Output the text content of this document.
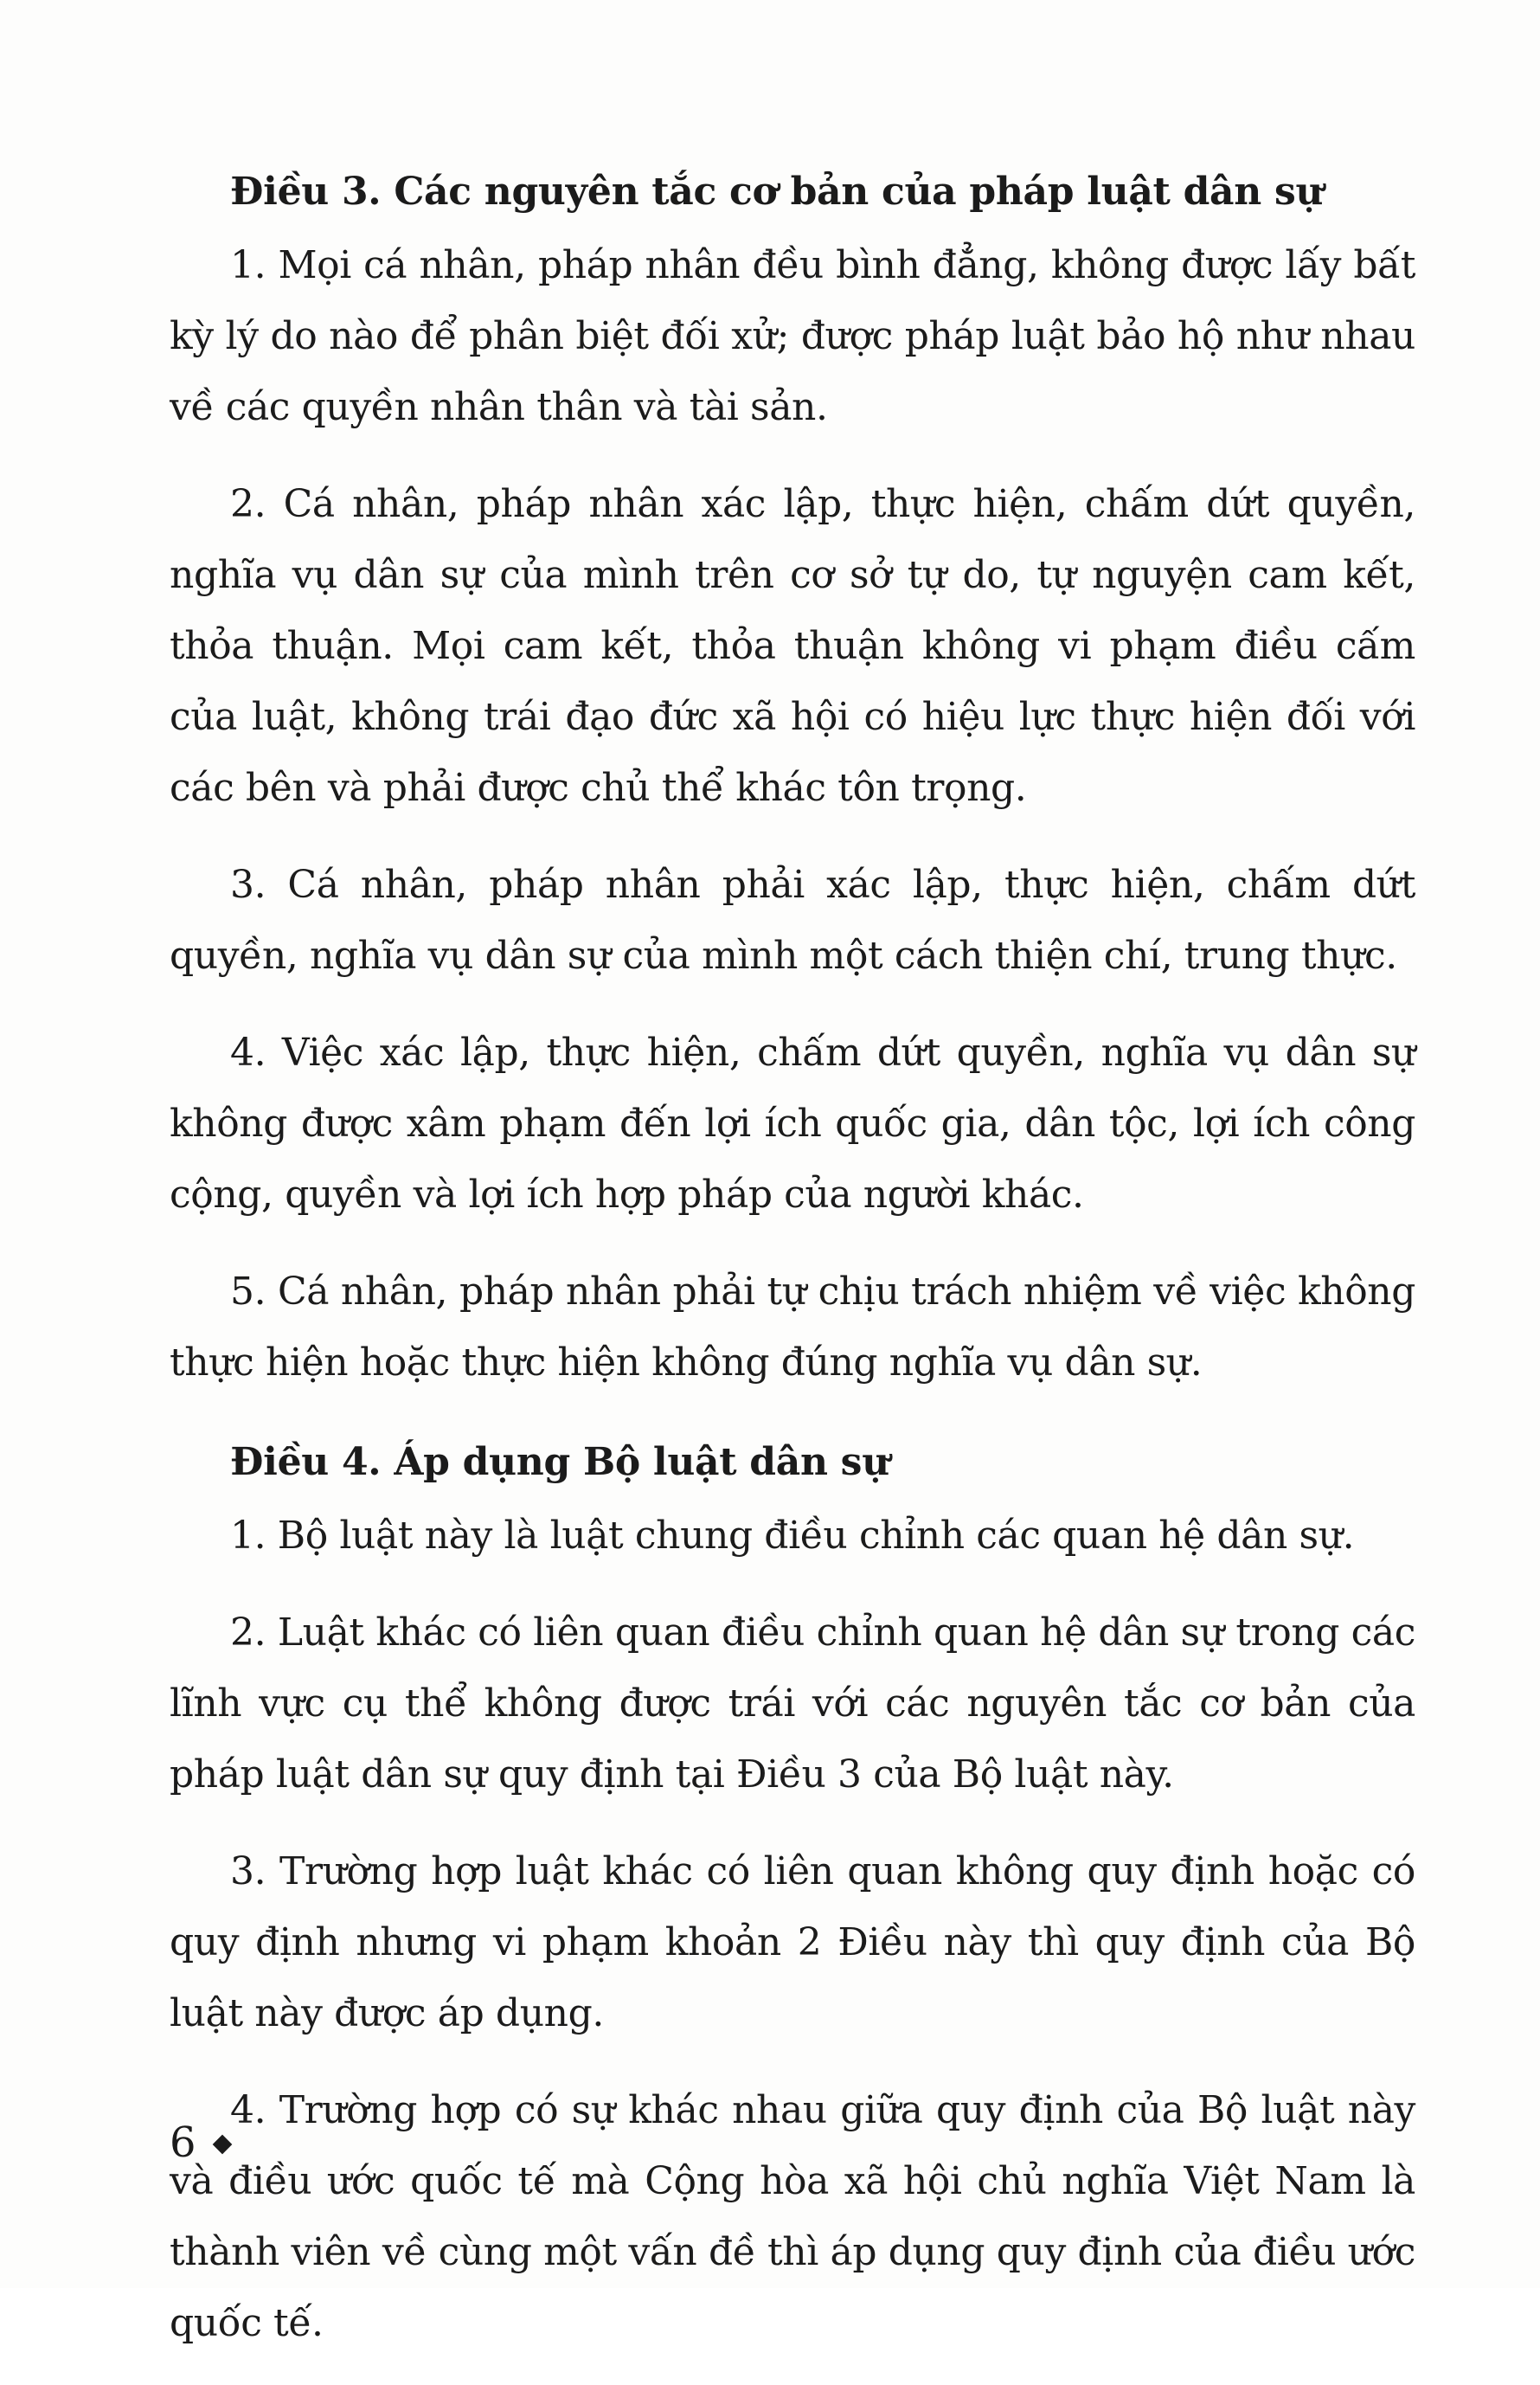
Điều 3. Các nguyên tắc cơ bản của pháp luật dân sự

1. Mọi cá nhân, pháp nhân đều bình đẳng, không được lấy bất kỳ lý do nào để phân biệt đối xử; được pháp luật bảo hộ như nhau về các quyền nhân thân và tài sản.

2. Cá nhân, pháp nhân xác lập, thực hiện, chấm dứt quyền, nghĩa vụ dân sự của mình trên cơ sở tự do, tự nguyện cam kết, thỏa thuận. Mọi cam kết, thỏa thuận không vi phạm điều cấm của luật, không trái đạo đức xã hội có hiệu lực thực hiện đối với các bên và phải được chủ thể khác tôn trọng.

3. Cá nhân, pháp nhân phải xác lập, thực hiện, chấm dứt quyền, nghĩa vụ dân sự của mình một cách thiện chí, trung thực.

4. Việc xác lập, thực hiện, chấm dứt quyền, nghĩa vụ dân sự không được xâm phạm đến lợi ích quốc gia, dân tộc, lợi ích công cộng, quyền và lợi ích hợp pháp của người khác.

5. Cá nhân, pháp nhân phải tự chịu trách nhiệm về việc không thực hiện hoặc thực hiện không đúng nghĩa vụ dân sự.

Điều 4. Áp dụng Bộ luật dân sự

1. Bộ luật này là luật chung điều chỉnh các quan hệ dân sự.

2. Luật khác có liên quan điều chỉnh quan hệ dân sự trong các lĩnh vực cụ thể không được trái với các nguyên tắc cơ bản của pháp luật dân sự quy định tại Điều 3 của Bộ luật này.

3. Trường hợp luật khác có liên quan không quy định hoặc có quy định nhưng vi phạm khoản 2 Điều này thì quy định của Bộ luật này được áp dụng.

4. Trường hợp có sự khác nhau giữa quy định của Bộ luật này và điều ước quốc tế mà Cộng hòa xã hội chủ nghĩa Việt Nam là thành viên về cùng một vấn đề thì áp dụng quy định của điều ước quốc tế.

6
